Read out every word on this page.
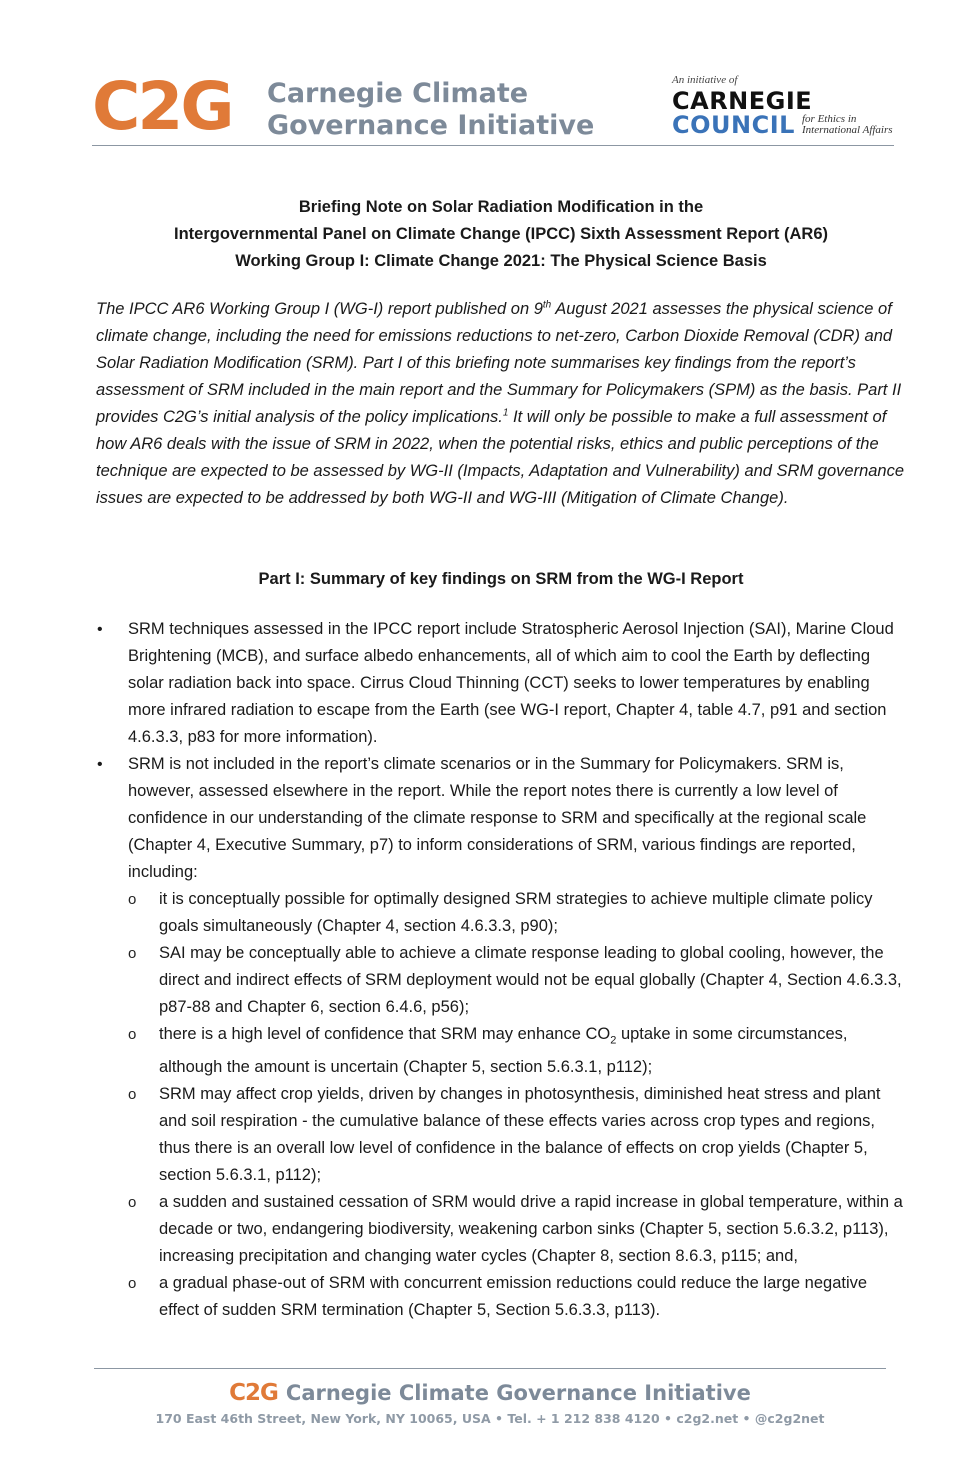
C2G Carnegie Climate
Governance Initiative
An initiative of
CARNEGIE
COUNCIL for Ethics in
International Affairs
Briefing Note on Solar Radiation Modification in the
Intergovernmental Panel on Climate Change (IPCC) Sixth Assessment Report (AR6)
Working Group I: Climate Change 2021: The Physical Science Basis
The IPCC AR6 Working Group I (WG-I) report published on 9th August 2021 assesses the physical science of climate change, including the need for emissions reductions to net-zero, Carbon Dioxide Removal (CDR) and Solar Radiation Modification (SRM). Part I of this briefing note summarises key findings from the report’s assessment of SRM included in the main report and the Summary for Policymakers (SPM) as the basis. Part II provides C2G’s initial analysis of the policy implications.$^1$ It will only be possible to make a full assessment of how AR6 deals with the issue of SRM in 2022, when the potential risks, ethics and public perceptions of the technique are expected to be assessed by WG-II (Impacts, Adaptation and Vulnerability) and SRM governance issues are expected to be addressed by both WG-II and WG-III (Mitigation of Climate Change).
Part I: Summary of key findings on SRM from the WG-I Report
• SRM techniques assessed in the IPCC report include Stratospheric Aerosol Injection (SAI), Marine Cloud Brightening (MCB), and surface albedo enhancements, all of which aim to cool the Earth by deflecting solar radiation back into space. Cirrus Cloud Thinning (CCT) seeks to lower temperatures by enabling more infrared radiation to escape from the Earth (see WG-I report, Chapter 4, table 4.7, p91 and section 4.6.3.3, p83 for more information).
• SRM is not included in the report’s climate scenarios or in the Summary for Policymakers. SRM is, however, assessed elsewhere in the report. While the report notes there is currently a low level of confidence in our understanding of the climate response to SRM and specifically at the regional scale (Chapter 4, Executive Summary, p7) to inform considerations of SRM, various findings are reported, including:
o it is conceptually possible for optimally designed SRM strategies to achieve multiple climate policy goals simultaneously (Chapter 4, section 4.6.3.3, p90);
o SAI may be conceptually able to achieve a climate response leading to global cooling, however, the direct and indirect effects of SRM deployment would not be equal globally (Chapter 4, Section 4.6.3.3, p87-88 and Chapter 6, section 6.4.6, p56);
o there is a high level of confidence that SRM may enhance $CO_2$ uptake in some circumstances, although the amount is uncertain (Chapter 5, section 5.6.3.1, p112);
o SRM may affect crop yields, driven by changes in photosynthesis, diminished heat stress and plant and soil respiration - the cumulative balance of these effects varies across crop types and regions, thus there is an overall low level of confidence in the balance of effects on crop yields (Chapter 5, section 5.6.3.1, p112);
o a sudden and sustained cessation of SRM would drive a rapid increase in global temperature, within a decade or two, endangering biodiversity, weakening carbon sinks (Chapter 5, section 5.6.3.2, p113), increasing precipitation and changing water cycles (Chapter 8, section 8.6.3, p115; and,
o a gradual phase-out of SRM with concurrent emission reductions could reduce the large negative effect of sudden SRM termination (Chapter 5, Section 5.6.3.3, p113).
C2G Carnegie Climate Governance Initiative
170 East 46th Street, New York, NY 10065, USA • Tel. + 1 212 838 4120 • c2g2.net • @c2g2net
